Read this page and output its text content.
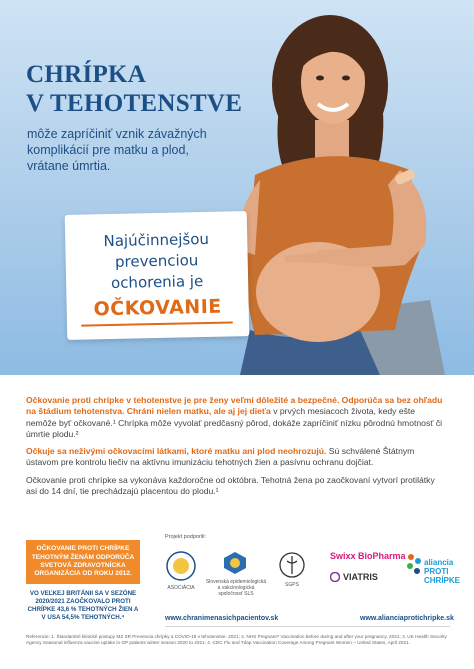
CHRÍPKA
V TEHOTENSTVE
môže zapríčiniť vznik závažných
komplikácií pre matku a plod,
vrátane úmrtia.
Najúčinnejšou
prevenciou
ochorenia je
OČKOVANIE

Očkovanie proti chrípke v tehotenstve je pre ženy veľmi dôležité a bezpečné. Odporúča sa bez ohľadu na štádium tehotenstva. Chráni nielen matku, ale aj jej dieťa v prvých mesiacoch života, kedy ešte nemôže byť očkované.¹ Chrípka môže vyvolať predčasný pôrod, dokáže zapríčiniť nízku pôrodnú hmotnosť či úmrtie plodu.²

Očkuje sa neživými očkovacími látkami, ktoré matku ani plod neohrozujú. Sú schválené Štátnym ústavom pre kontrolu liečiv na aktívnu imunizáciu tehotných žien a pasívnu ochranu dojčiat.

Očkovanie proti chrípke sa vykonáva každoročne od októbra. Tehotná žena po zaočkovaní vytvorí protilátky asi do 14 dní, tie prechádzajú placentou do plodu.¹

OČKOVANIE PROTI CHRÍPKE TEHOTNÝM ŽENÁM ODPORÚČA SVETOVÁ ZDRAVOTNÍCKA ORGANIZÁCIA OD ROKU 2012.
VO VEĽKEJ BRITÁNII SA V SEZÓNE 2020/2021 ZAOČKOVALO PROTI CHRÍPKE 43,6 % TEHOTNÝCH ŽIEN A V USA 54,5% TEHOTNÝCH.⁴
Projekt podporili:
ASOCIÁCIA
Slovenská epidemiologická a vakcinologická spoločnosť SLS
SGPS
Swixx BioPharma
VIATRIS
aliancia PROTI CHRÍPKE
www.chranimenasichpacientov.sk	www.alianciaprotichripke.sk
Referencie: 1. Štandardné klinické postupy MZ SR Prevencia chrípky a COVID-19 v tehotenstve. 2021; 2. NHS Pregnant? Vaccination before during and after your pregnancy. 2021; 3. UK Health Security Agency Seasonal influenza vaccine uptake in GP patients winter season 2020 to 2021; 4. CDC Flu and Tdap Vaccination Coverage Among Pregnant Women – United States, April 2021.
